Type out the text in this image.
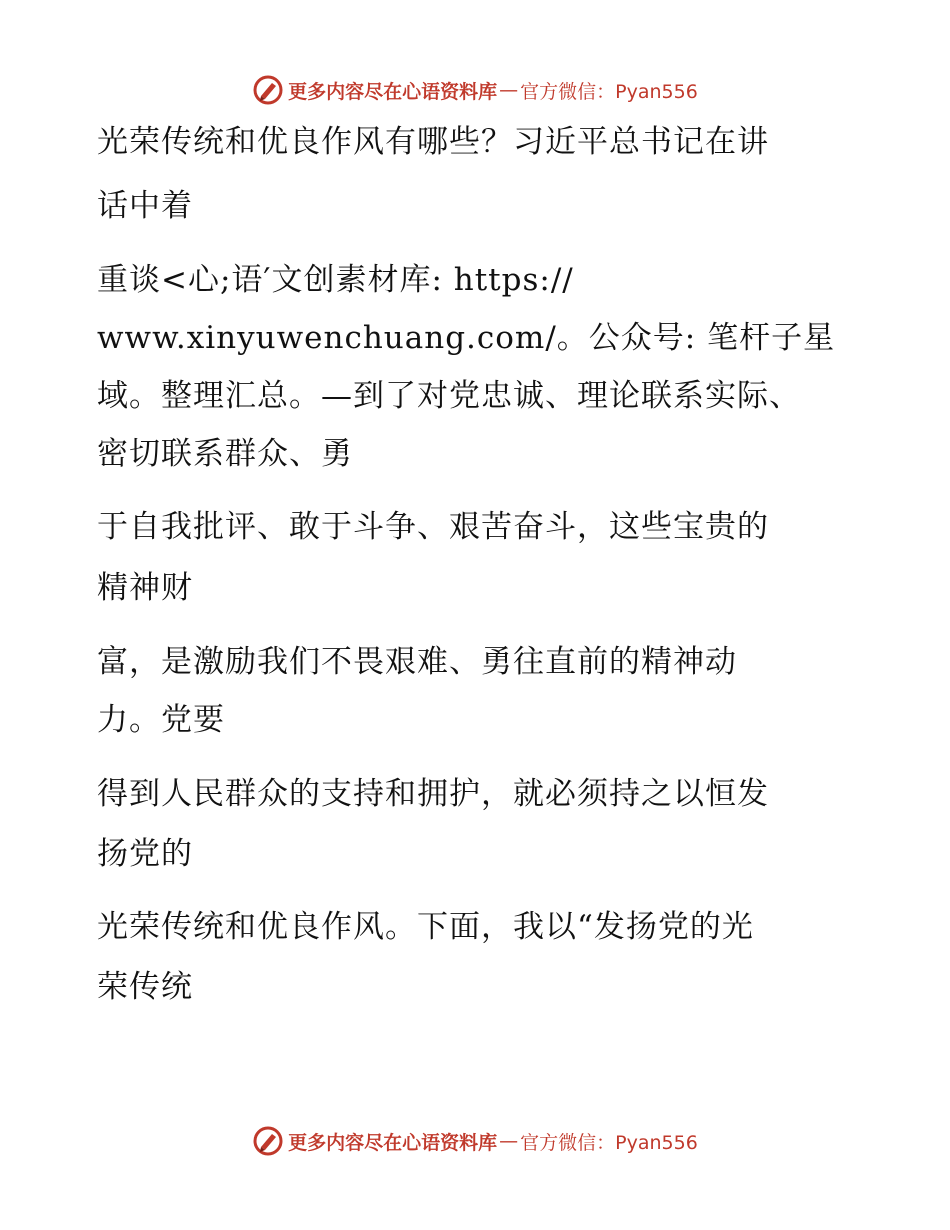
更多内容尽在心语资料库 — 官方微信：Pyan556
光荣传统和优良作风有哪些？习近平总书记在讲
话中着
重谈<心;语′文创素材库: https://
www.xinyuwenchuang.com/。公众号: 笔杆子星
域。整理汇总。—到了对党忠诚、理论联系实际、
密切联系群众、勇
于自我批评、敢于斗争、艰苦奋斗，这些宝贵的
精神财
富，是激励我们不畏艰难、勇往直前的精神动
力。党要
得到人民群众的支持和拥护，就必须持之以恒发
扬党的
光荣传统和优良作风。下面，我以“发扬党的光
荣传统
更多内容尽在心语资料库 — 官方微信：Pyan556
